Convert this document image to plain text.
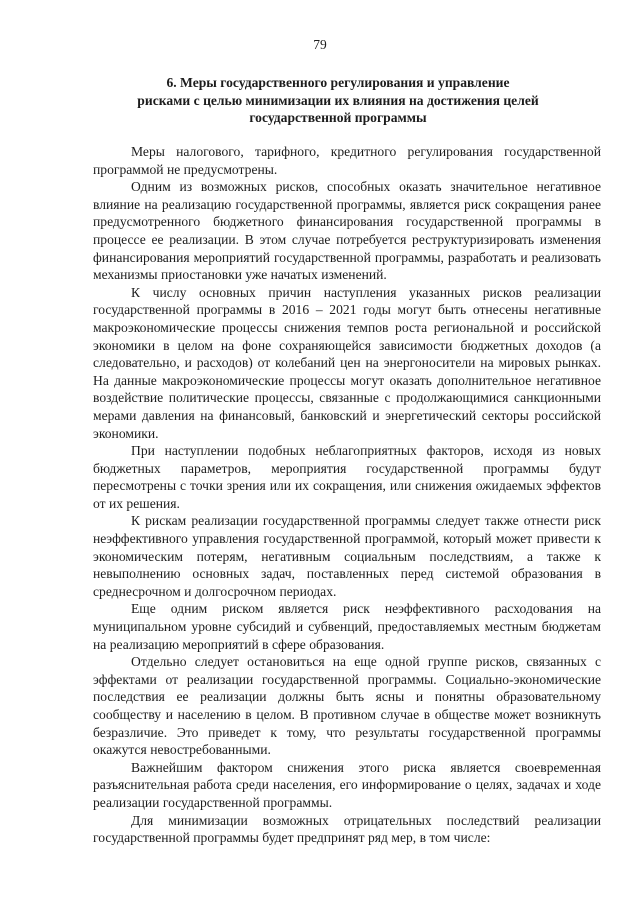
79
6. Меры государственного регулирования и управление
рисками с целью минимизации их влияния на достижения целей
государственной программы

Меры налогового, тарифного, кредитного регулирования государственной программой не предусмотрены.

Одним из возможных рисков, способных оказать значительное негативное влияние на реализацию государственной программы, является риск сокращения ранее предусмотренного бюджетного финансирования государственной программы в процессе ее реализации. В этом случае потребуется реструктуризировать изменения финансирования мероприятий государственной программы, разработать и реализовать механизмы приостановки уже начатых изменений.

К числу основных причин наступления указанных рисков реализации государственной программы в 2016 – 2021 годы могут быть отнесены негативные макроэкономические процессы снижения темпов роста региональной и российской экономики в целом на фоне сохраняющейся зависимости бюджетных доходов (а следовательно, и расходов) от колебаний цен на энергоносители на мировых рынках. На данные макроэкономические процессы могут оказать дополнительное негативное воздействие политические процессы, связанные с продолжающимися санкционными мерами давления на финансовый, банковский и энергетический секторы российской экономики.

При наступлении подобных неблагоприятных факторов, исходя из новых бюджетных параметров, мероприятия государственной программы будут пересмотрены с точки зрения или их сокращения, или снижения ожидаемых эффектов от их решения.

К рискам реализации государственной программы следует также отнести риск неэффективного управления государственной программой, который может привести к экономическим потерям, негативным социальным последствиям, а также к невыполнению основных задач, поставленных перед системой образования в среднесрочном и долгосрочном периодах.

Еще одним риском является риск неэффективного расходования на муниципальном уровне субсидий и субвенций, предоставляемых местным бюджетам на реализацию мероприятий в сфере образования.

Отдельно следует остановиться на еще одной группе рисков, связанных с эффектами от реализации государственной программы. Социально-экономические последствия ее реализации должны быть ясны и понятны образовательному сообществу и населению в целом. В противном случае в обществе может возникнуть безразличие. Это приведет к тому, что результаты государственной программы окажутся невостребованными.

Важнейшим фактором снижения этого риска является своевременная разъяснительная работа среди населения, его информирование о целях, задачах и ходе реализации государственной программы.

Для минимизации возможных отрицательных последствий реализации государственной программы будет предпринят ряд мер, в том числе:
